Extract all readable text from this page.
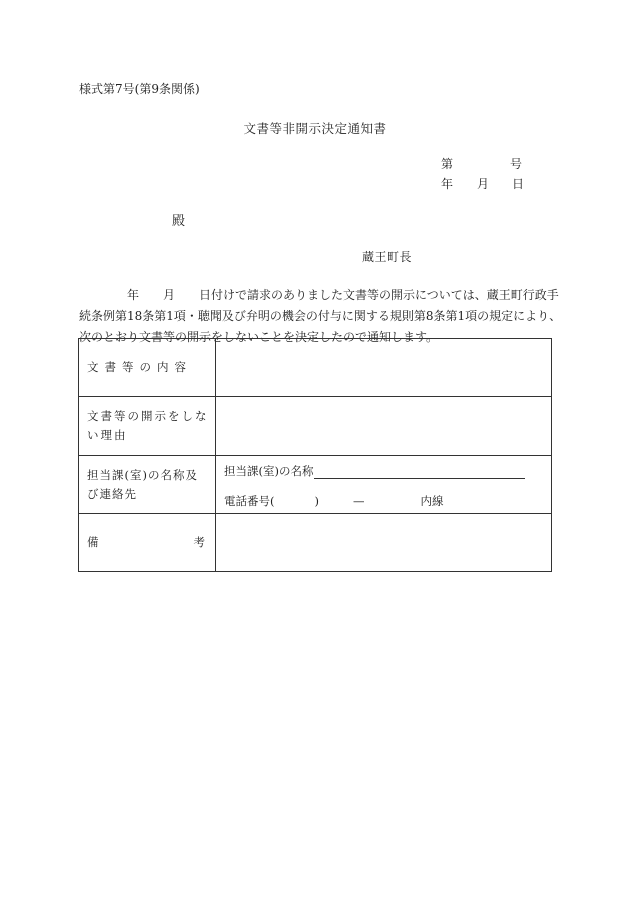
様式第7号(第9条関係)
文書等非開示決定通知書
第	号
年 月 日
殿
蔵王町長
年 月 日付けで請求のありました文書等の開示については、蔵王町行政手
続条例第18条第1項・聴聞及び弁明の機会の付与に関する規則第8条第1項の規定により、
次のとおり文書等の開示をしないことを決定したので通知します。
文書等の内容	
文書等の開示をしない理由	
担当課(室)の名称及び連絡先	担当課(室)の名称
電話番号( ) — 内線

備 考	
